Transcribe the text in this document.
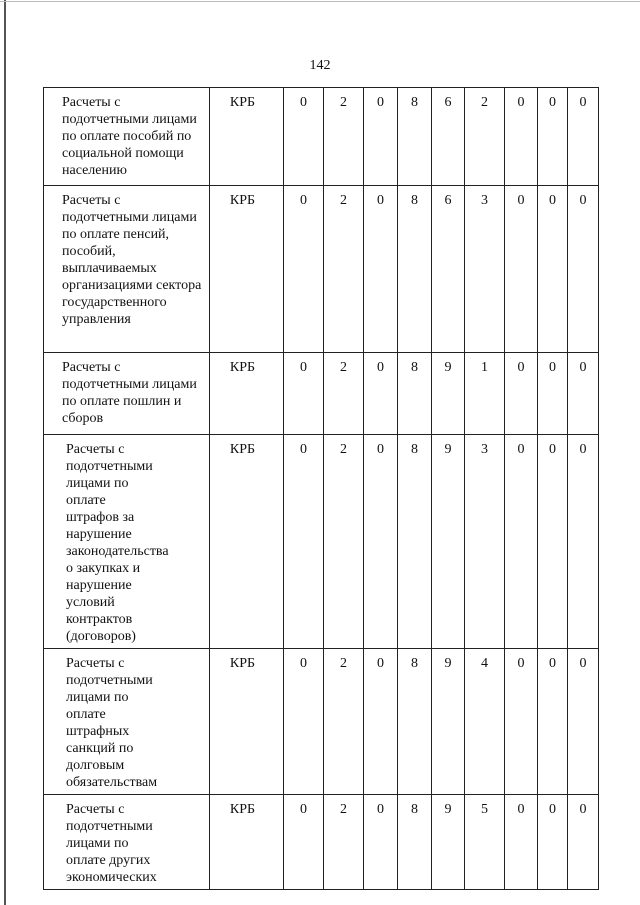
142
Расчеты с подотчетными лицами по оплате пособий по социальной помощи населению	КРБ	0	2	0	8	6	2	0	0	0

Расчеты с подотчетными лицами по оплате пенсий, пособий, выплачиваемых организациями сектора государственного управления	КРБ	0	2	0	8	6	3	0	0	0

Расчеты с подотчетными лицами по оплате пошлин и сборов	КРБ	0	2	0	8	9	1	0	0	0

Расчеты с подотчетными лицами по оплате штрафов за нарушение законодательства о закупках и нарушение условий контрактов (договоров)	КРБ	0	2	0	8	9	3	0	0	0

Расчеты с подотчетными лицами по оплате штрафных санкций по долговым обязательствам	КРБ	0	2	0	8	9	4	0	0	0

Расчеты с подотчетными лицами по оплате других экономических	КРБ	0	2	0	8	9	5	0	0	0
